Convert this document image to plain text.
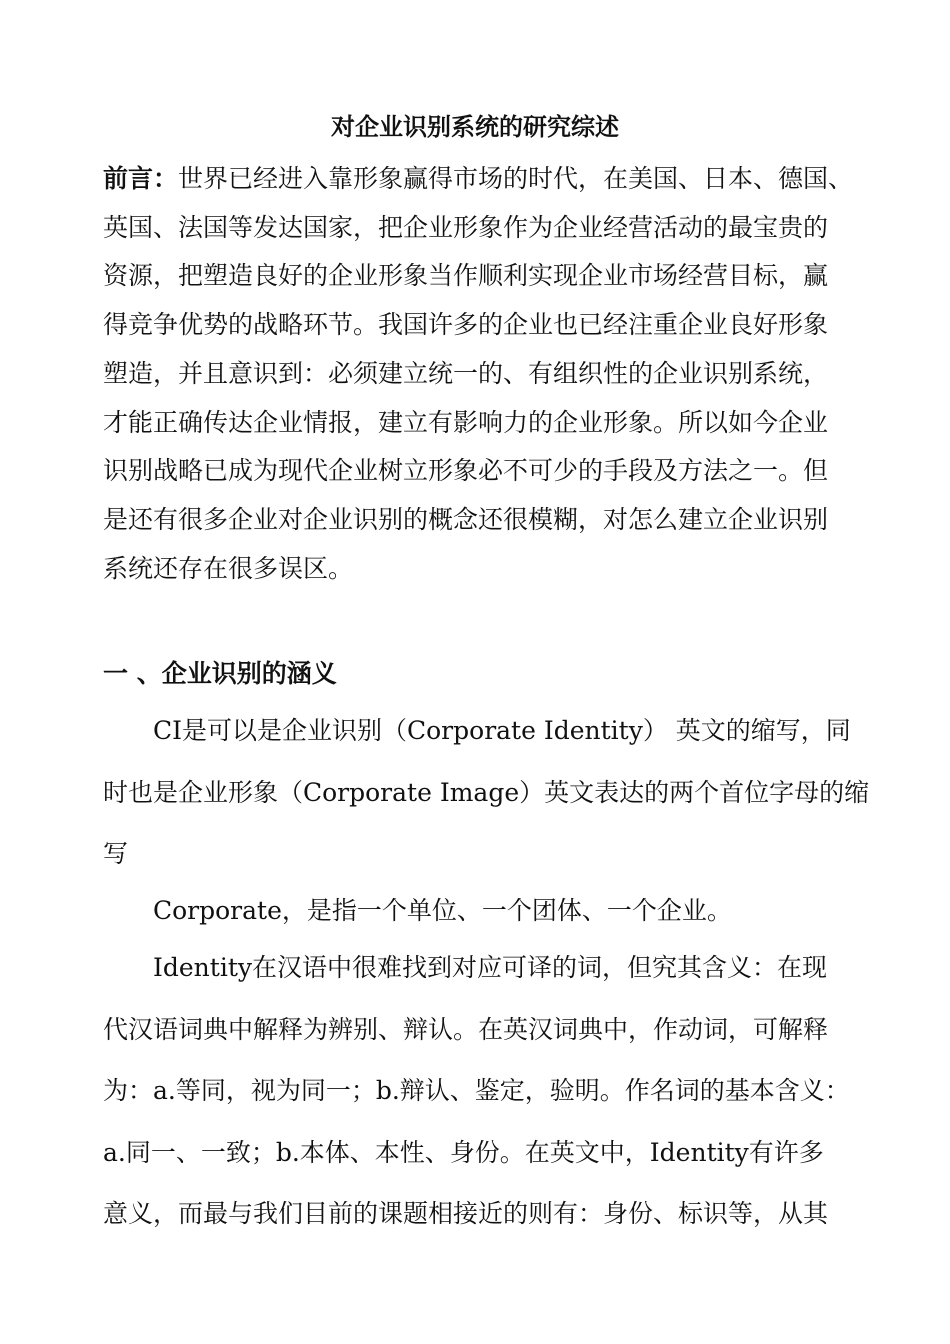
对企业识别系统的研究综述
前言：世界已经进入靠形象赢得市场的时代，在美国、日本、德国、
英国、法国等发达国家，把企业形象作为企业经营活动的最宝贵的
资源，把塑造良好的企业形象当作顺利实现企业市场经营目标，赢
得竞争优势的战略环节。我国许多的企业也已经注重企业良好形象
塑造，并且意识到：必须建立统一的、有组织性的企业识别系统，
才能正确传达企业情报，建立有影响力的企业形象。所以如今企业
识别战略已成为现代企业树立形象必不可少的手段及方法之一。但
是还有很多企业对企业识别的概念还很模糊，对怎么建立企业识别
系统还存在很多误区。
一 、企业识别的涵义
CI是可以是企业识别（Corporate Identity） 英文的缩写，同
时也是企业形象（Corporate Image）英文表达的两个首位字母的缩
写
Corporate，是指一个单位、一个团体、一个企业。
Identity在汉语中很难找到对应可译的词，但究其含义：在现
代汉语词典中解释为辨别、辩认。在英汉词典中，作动词，可解释
为：a.等同，视为同一；b.辩认、鉴定，验明。作名词的基本含义：
a.同一、一致；b.本体、本性、身份。在英文中，Identity有许多
意义，而最与我们目前的课题相接近的则有：身份、标识等，从其
